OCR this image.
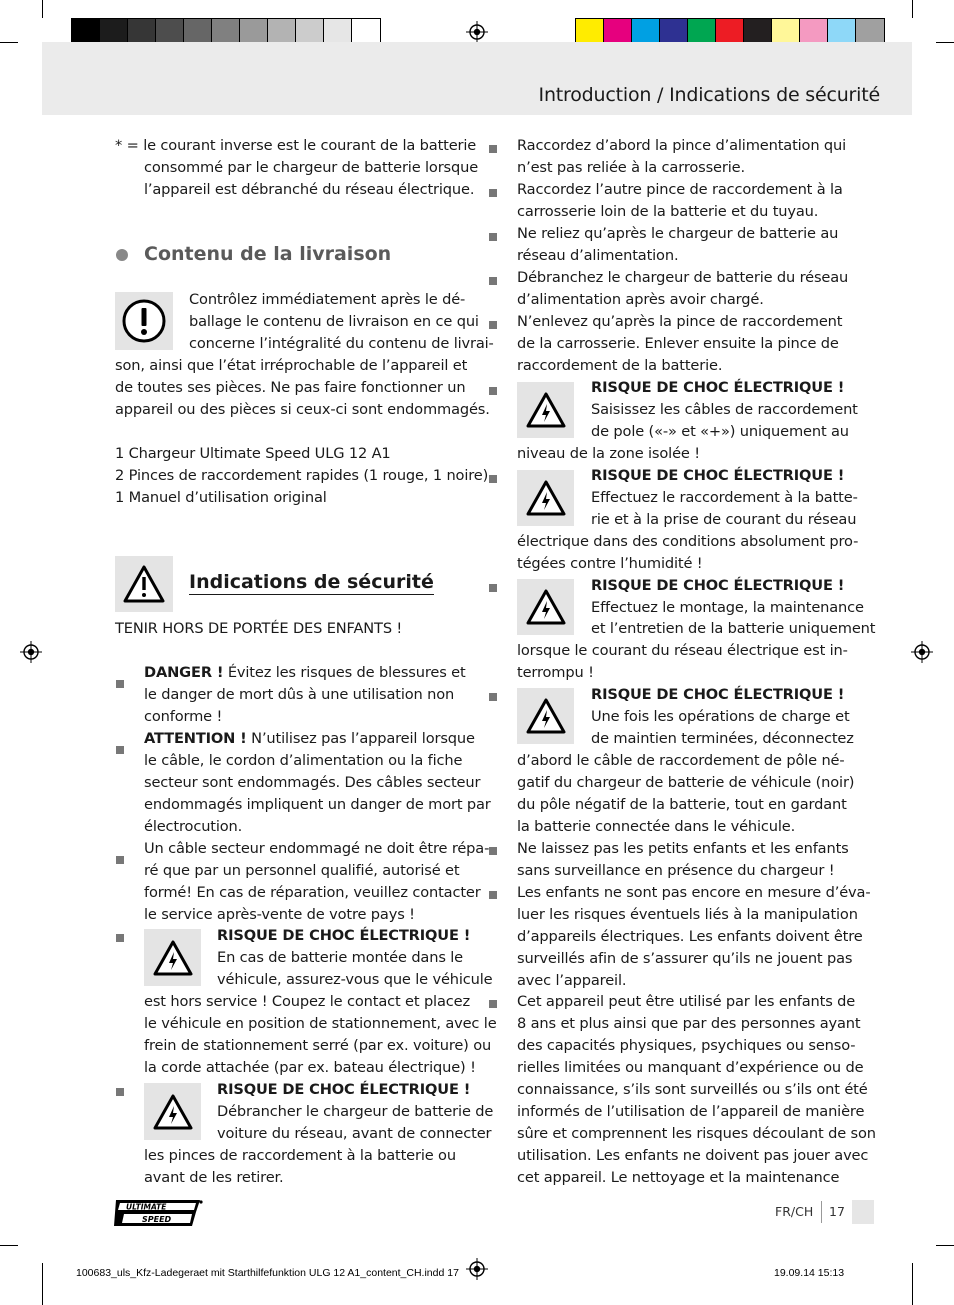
Introduction / Indications de sécurité
* = le courant inverse est le courant de la batterie
consommé par le chargeur de batterie lorsque
l’appareil est débranché du réseau électrique.
Contenu de la livraison
Contrôlez immédiatement après le dé-
ballage le contenu de livraison en ce qui
concerne l’intégralité du contenu de livrai-
son, ainsi que l’état irréprochable de l’appareil et
de toutes ses pièces. Ne pas faire fonctionner un
appareil ou des pièces si ceux-ci sont endommagés.
1 Chargeur Ultimate Speed ULG 12 A1
2 Pinces de raccordement rapides (1 rouge, 1 noire)
1 Manuel d’utilisation original
Indications de sécurité
TENIR HORS DE PORTÉE DES ENFANTS !
DANGER ! Évitez les risques de blessures et
le danger de mort dûs à une utilisation non
conforme !
ATTENTION ! N’utilisez pas l’appareil lorsque
le câble, le cordon d’alimentation ou la fiche
secteur sont endommagés. Des câbles secteur
endommagés impliquent un danger de mort par
électrocution.
Un câble secteur endommagé ne doit être répa-
ré que par un personnel qualifié, autorisé et
formé! En cas de réparation, veuillez contacter
le service après-vente de votre pays !
RISQUE DE CHOC ÉLECTRIQUE !
En cas de batterie montée dans le
véhicule, assurez-vous que le véhicule
est hors service ! Coupez le contact et placez
le véhicule en position de stationnement, avec le
frein de stationnement serré (par ex. voiture) ou
la corde attachée (par ex. bateau électrique) !
RISQUE DE CHOC ÉLECTRIQUE !
Débrancher le chargeur de batterie de
voiture du réseau, avant de connecter
les pinces de raccordement à la batterie ou
avant de les retirer.
Raccordez d’abord la pince d’alimentation qui
n’est pas reliée à la carrosserie.
Raccordez l’autre pince de raccordement à la
carrosserie loin de la batterie et du tuyau.
Ne reliez qu’après le chargeur de batterie au
réseau d’alimentation.
Débranchez le chargeur de batterie du réseau
d’alimentation après avoir chargé.
N’enlevez qu’après la pince de raccordement
de la carrosserie. Enlever ensuite la pince de
raccordement de la batterie.
RISQUE DE CHOC ÉLECTRIQUE !
Saisissez les câbles de raccordement
de pole («-» et «+») uniquement au
niveau de la zone isolée !
RISQUE DE CHOC ÉLECTRIQUE !
Effectuez le raccordement à la batte-
rie et à la prise de courant du réseau
électrique dans des conditions absolument pro-
tégées contre l’humidité !
RISQUE DE CHOC ÉLECTRIQUE !
Effectuez le montage, la maintenance
et l’entretien de la batterie uniquement
lorsque le courant du réseau électrique est in-
terrompu !
RISQUE DE CHOC ÉLECTRIQUE !
Une fois les opérations de charge et
de maintien terminées, déconnectez
d’abord le câble de raccordement de pôle né-
gatif du chargeur de batterie de véhicule (noir)
du pôle négatif de la batterie, tout en gardant
la batterie connectée dans le véhicule.
Ne laissez pas les petits enfants et les enfants
sans surveillance en présence du chargeur !
Les enfants ne sont pas encore en mesure d’éva-
luer les risques éventuels liés à la manipulation
d’appareils électriques. Les enfants doivent être
surveillés afin de s’assurer qu’ils ne jouent pas
avec l’appareil.
Cet appareil peut être utilisé par les enfants de
8 ans et plus ainsi que par des personnes ayant
des capacités physiques, psychiques ou senso-
rielles limitées ou manquant d’expérience ou de
connaissance, s’ils sont surveillés ou s’ils ont été
informés de l’utilisation de l’appareil de manière
sûre et comprennent les risques découlant de son
utilisation. Les enfants ne doivent pas jouer avec
cet appareil. Le nettoyage et la maintenance
ULTIMATE
SPEED
FR/CH 17
100683_uls_Kfz-Ladegeraet mit Starthilfefunktion ULG 12 A1_content_CH.indd 17	19.09.14 15:13
